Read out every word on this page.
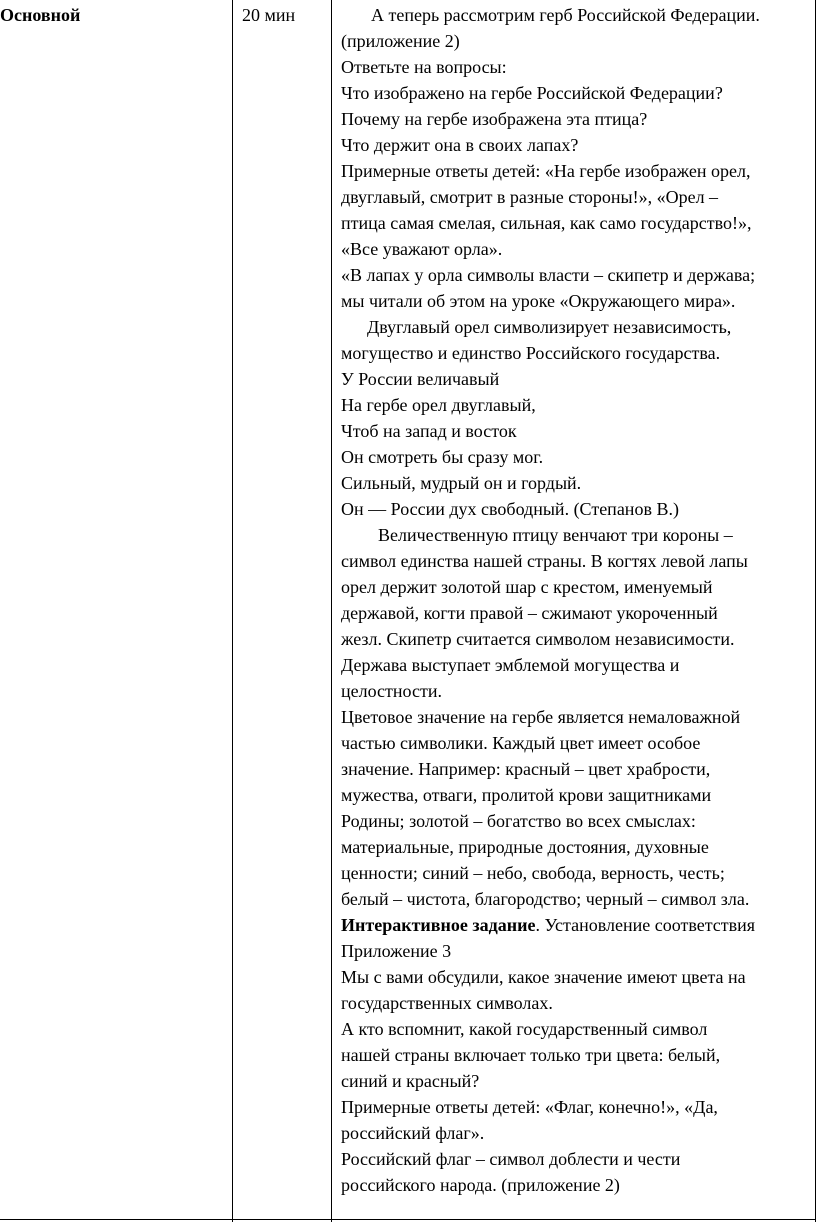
Основной	20 мин	А теперь рассмотрим герб Российской Федерации.

(приложение 2)

Ответьте на вопросы:

Что изображено на гербе Российской Федерации?

Почему на гербе изображена эта птица?

Что держит она в своих лапах?

Примерные ответы детей: «На гербе изображен орел,

двуглавый, смотрит в разные стороны!», «Орел –

птица самая смелая, сильная, как само государство!»,

«Все уважают орла».

«В лапах у орла символы власти – скипетр и держава;

мы читали об этом на уроке «Окружающего мира».

Двуглавый орел символизирует независимость,

могущество и единство Российского государства.

У России величавый

На гербе орел двуглавый,

Чтоб на запад и восток

Он смотреть бы сразу мог.

Сильный, мудрый он и гордый.

Он — России дух свободный. (Степанов В.)

Величественную птицу венчают три короны –

символ единства нашей страны. В когтях левой лапы

орел держит золотой шар с крестом, именуемый

державой, когти правой – сжимают укороченный

жезл. Скипетр считается символом независимости.

Держава выступает эмблемой могущества и

целостности.

Цветовое значение на гербе является немаловажной

частью символики. Каждый цвет имеет особое

значение. Например: красный – цвет храбрости,

мужества, отваги, пролитой крови защитниками

Родины; золотой – богатство во всех смыслах:

материальные, природные достояния, духовные

ценности; синий – небо, свобода, верность, честь;

белый – чистота, благородство; черный – символ зла.

Интерактивное задание. Установление соответствия

Приложение 3

Мы с вами обсудили, какое значение имеют цвета на

государственных символах.

А кто вспомнит, какой государственный символ

нашей страны включает только три цвета: белый,

синий и красный?

Примерные ответы детей: «Флаг, конечно!», «Да,

российский флаг».

Российский флаг – символ доблести и чести

российского народа. (приложение 2)
